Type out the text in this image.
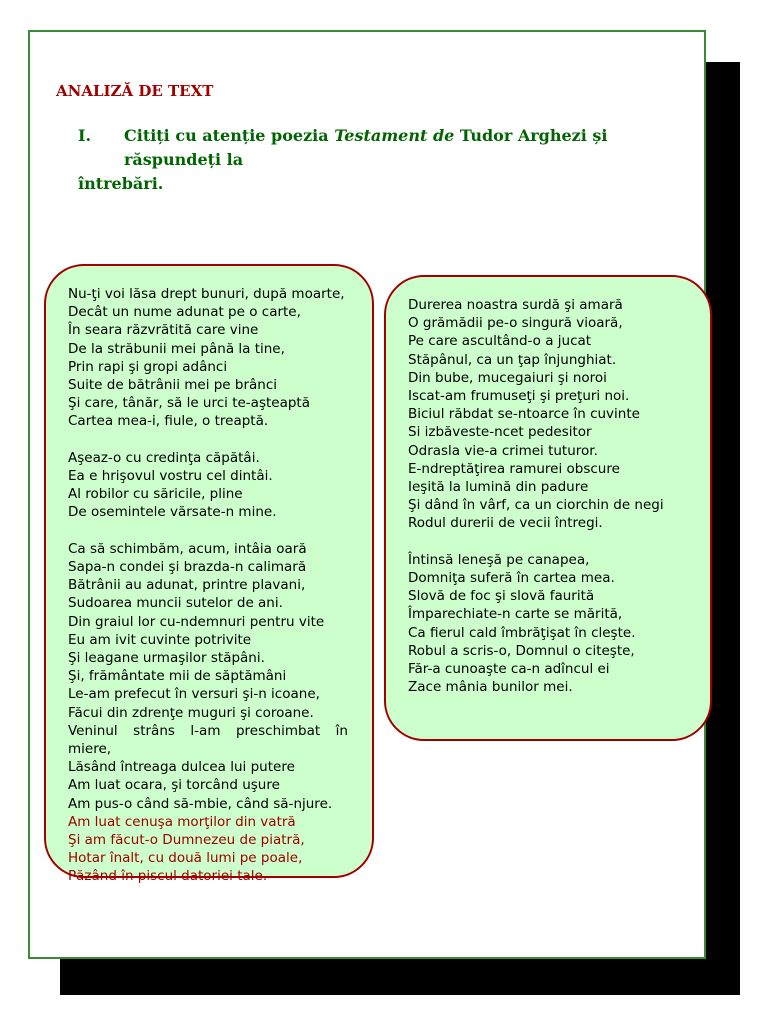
ANALIZĂ DE TEXT
I. Citiți cu atenție poezia Testament de Tudor Arghezi și
răspundeți la
întrebări.

Nu-ţi voi lăsa drept bunuri, după moarte,

Decât un nume adunat pe o carte,

În seara răzvrătită care vine

De la străbunii mei până la tine,

Prin rapi şi gropi adânci

Suite de bătrânii mei pe brânci

Şi care, tânăr, să le urci te-aşteaptă

Cartea mea-i, fiule, o treaptă.

Aşeaz-o cu credinţa căpătâi.

Ea e hrişovul vostru cel dintâi.

Al robilor cu săricile, pline

De osemintele vărsate-n mine.

Ca să schimbăm, acum, intâia oară

Sapa-n condei şi brazda-n calimară

Bătrânii au adunat, printre plavani,

Sudoarea muncii sutelor de ani.

Din graiul lor cu-ndemnuri pentru vite

Eu am ivit cuvinte potrivite

Şi leagane urmaşilor stăpâni.

Şi, frământate mii de săptămâni

Le-am prefecut în versuri şi-n icoane,

Făcui din zdrenţe muguri şi coroane.

Veninul strâns l-am preschimbat în miere,

Lăsând întreaga dulcea lui putere

Am luat ocara, şi torcând uşure

Am pus-o când să-mbie, când să-njure.

Am luat cenuşa morţilor din vatră

Şi am făcut-o Dumnezeu de piatră,

Hotar înalt, cu două lumi pe poale,

Păzând în piscul datoriei tale.

Durerea noastra surdă şi amară

O grămădii pe-o singură vioară,

Pe care ascultând-o a jucat

Stăpânul, ca un ţap înjunghiat.

Din bube, mucegaiuri şi noroi

Iscat-am frumuseţi şi preţuri noi.

Biciul răbdat se-ntoarce în cuvinte

Si izbăveste-ncet pedesitor

Odrasla vie-a crimei tuturor.

E-ndreptăţirea ramurei obscure

Ieşită la lumină din padure

Şi dând în vârf, ca un ciorchin de negi

Rodul durerii de vecii întregi.

Întinsă leneşă pe canapea,

Domniţa suferă în cartea mea.

Slovă de foc şi slovă faurită

Împarechiate-n carte se mărită,

Ca fierul cald îmbrăţişat în cleşte.

Robul a scris-o, Domnul o citeşte,

Făr-a cunoaşte ca-n adîncul ei

Zace mânia bunilor mei.
